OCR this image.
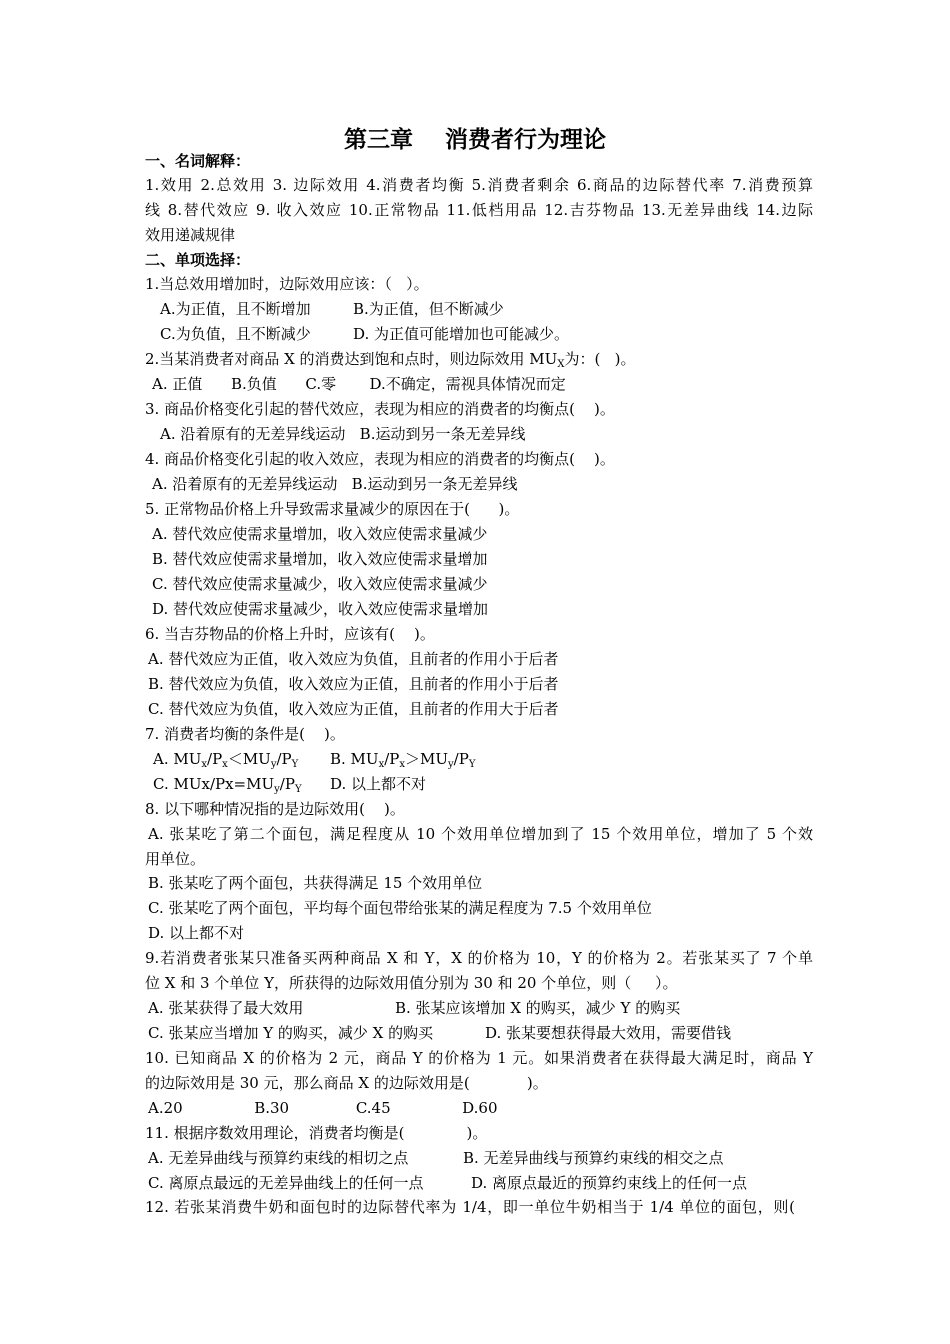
第三章    消费者行为理论
一、名词解释：
1.效用 2.总效用 3. 边际效用 4.消费者均衡 5.消费者剩余 6.商品的边际替代率 7.消费预算
线 8.替代效应 9. 收入效应 10.正常物品 11.低档用品 12.吉芬物品 13.无差异曲线 14.边际
效用递减规律
二、单项选择：
1.当总效用增加时，边际效用应该：（   ）。

A.为正值，且不断增加

	B.为正值，但不断减少

C.为负值，且不断减少

	D. 为正值可能增加也可能减少。

2.当某消费者对商品 X 的消费达到饱和点时，则边际效用 $MU_X$为：(   )。
A. 正值      B.负值      C.零       D.不确定，需视具体情况而定
3. 商品价格变化引起的替代效应，表现为相应的消费者的均衡点(    )。
A. 沿着原有的无差异线运动   B.运动到另一条无差异线
4. 商品价格变化引起的收入效应，表现为相应的消费者的均衡点(    )。
A. 沿着原有的无差异线运动   B.运动到另一条无差异线
5. 正常物品价格上升导致需求量减少的原因在于(      )。
A. 替代效应使需求量增加，收入效应使需求量减少
B. 替代效应使需求量增加，收入效应使需求量增加
C. 替代效应使需求量减少，收入效应使需求量减少
D. 替代效应使需求量减少，收入效应使需求量增加
6. 当吉芬物品的价格上升时，应该有(    )。
A. 替代效应为正值，收入效应为负值，且前者的作用小于后者
B. 替代效应为负值，收入效应为正值，且前者的作用小于后者
C. 替代效应为负值，收入效应为正值，且前者的作用大于后者
7. 消费者均衡的条件是(    )。

A. $MU_x/P_x<MU_y/P_Y$

B. $MU_x/P_x>MU_y/P_Y$

C. MUx/$Px=MU_y/P_Y$

D. 以上都不对

8. 以下哪种情况指的是边际效用(    )。
A. 张某吃了第二个面包，满足程度从 10 个效用单位增加到了 15 个效用单位，增加了 5 个效
用单位。
B. 张某吃了两个面包，共获得满足 15 个效用单位
C. 张某吃了两个面包，平均每个面包带给张某的满足程度为 7.5 个效用单位
D. 以上都不对
9.若消费者张某只准备买两种商品 X 和 Y，X 的价格为 10，Y 的价格为 2。若张某买了 7 个单
位 X 和 3 个单位 Y，所获得的边际效用值分别为 30 和 20 个单位，则（     ）。

A. 张某获得了最大效用

	B. 张某应该增加 X 的购买，减少 Y 的购买

C. 张某应当增加 Y 的购买，减少 X 的购买

	D. 张某要想获得最大效用，需要借钱

10. 已知商品 X 的价格为 2 元，商品 Y 的价格为 1 元。如果消费者在获得最大满足时，商品 Y
的边际效用是 30 元，那么商品 X 的边际效用是(            )。
A.20               B.30              C.45               D.60
11. 根据序数效用理论，消费者均衡是(             )。

A. 无差异曲线与预算约束线的相切之点

	B. 无差异曲线与预算约束线的相交之点

C. 离原点最远的无差异曲线上的任何一点

	D. 离原点最近的预算约束线上的任何一点

12. 若张某消费牛奶和面包时的边际替代率为 1/4，即一单位牛奶相当于 1/4 单位的面包，则(
